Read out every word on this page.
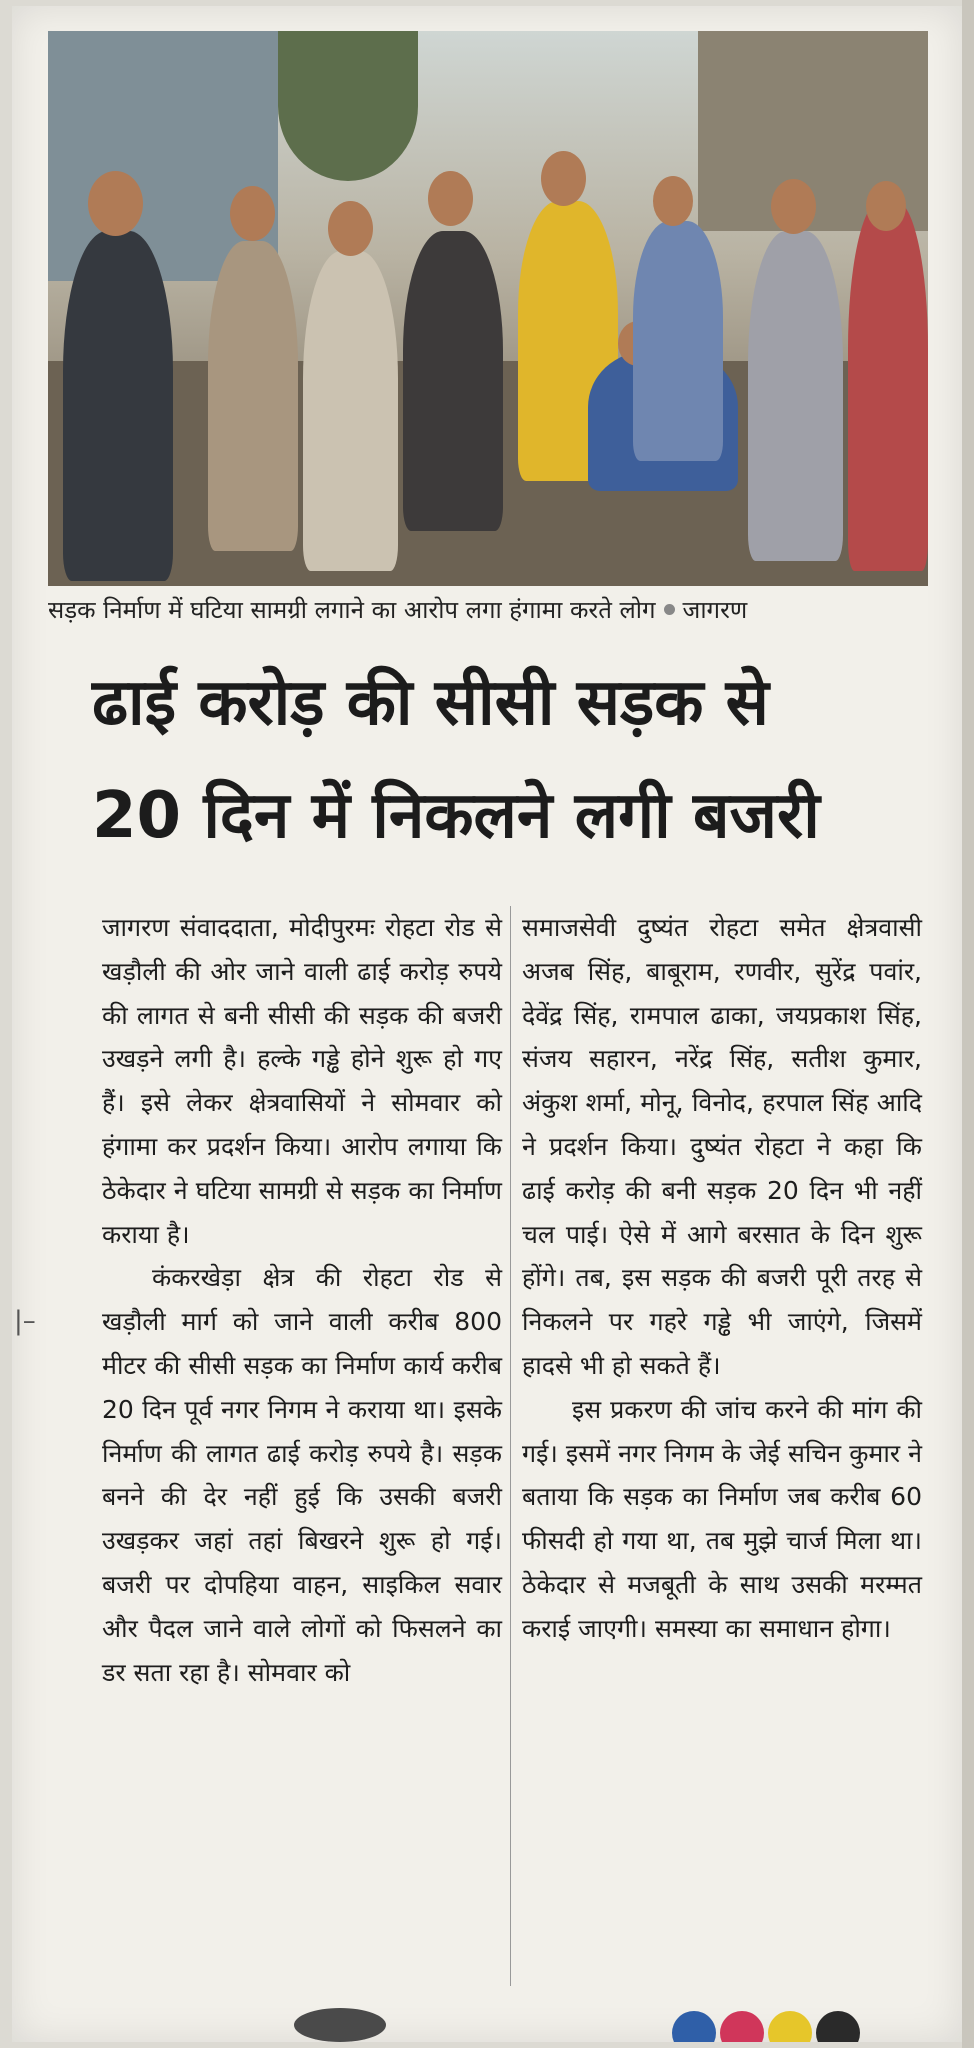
|–
सड़क निर्माण में घटिया सामग्री लगाने का आरोप लगा हंगामा करते लोग जागरण
ढाई करोड़ की सीसी सड़क से
20 दिन में निकलने लगी बजरी

जागरण संवाददाता, मोदीपुरमः रोहटा रोड से खड़ौली की ओर जाने वाली ढाई करोड़ रुपये की लागत से बनी सीसी की सड़क की बजरी उखड़ने लगी है। हल्के गड्ढे होने शुरू हो गए हैं। इसे लेकर क्षेत्रवासियों ने सोमवार को हंगामा कर प्रदर्शन किया। आरोप लगाया कि ठेकेदार ने घटिया सामग्री से सड़क का निर्माण कराया है।

कंकरखेड़ा क्षेत्र की रोहटा रोड से खड़ौली मार्ग को जाने वाली करीब 800 मीटर की सीसी सड़क का निर्माण कार्य करीब 20 दिन पूर्व नगर निगम ने कराया था। इसके निर्माण की लागत ढाई करोड़ रुपये है। सड़क बनने की देर नहीं हुई कि उसकी बजरी उखड़कर जहां तहां बिखरने शुरू हो गई। बजरी पर दोपहिया वाहन, साइकिल सवार और पैदल जाने वाले लोगों को फिसलने का डर सता रहा है। सोमवार को

समाजसेवी दुष्यंत रोहटा समेत क्षेत्रवासी अजब सिंह, बाबूराम, रणवीर, सुरेंद्र पवांर, देवेंद्र सिंह, रामपाल ढाका, जयप्रकाश सिंह, संजय सहारन, नरेंद्र सिंह, सतीश कुमार, अंकुश शर्मा, मोनू, विनोद, हरपाल सिंह आदि ने प्रदर्शन किया। दुष्यंत रोहटा ने कहा कि ढाई करोड़ की बनी सड़क 20 दिन भी नहीं चल पाई। ऐसे में आगे बरसात के दिन शुरू होंगे। तब, इस सड़क की बजरी पूरी तरह से निकलने पर गहरे गड्ढे भी जाएंगे, जिसमें हादसे भी हो सकते हैं।

इस प्रकरण की जांच करने की मांग की गई। इसमें नगर निगम के जेई सचिन कुमार ने बताया कि सड़क का निर्माण जब करीब 60 फीसदी हो गया था, तब मुझे चार्ज मिला था। ठेकेदार से मजबूती के साथ उसकी मरम्मत कराई जाएगी। समस्या का समाधान होगा।
